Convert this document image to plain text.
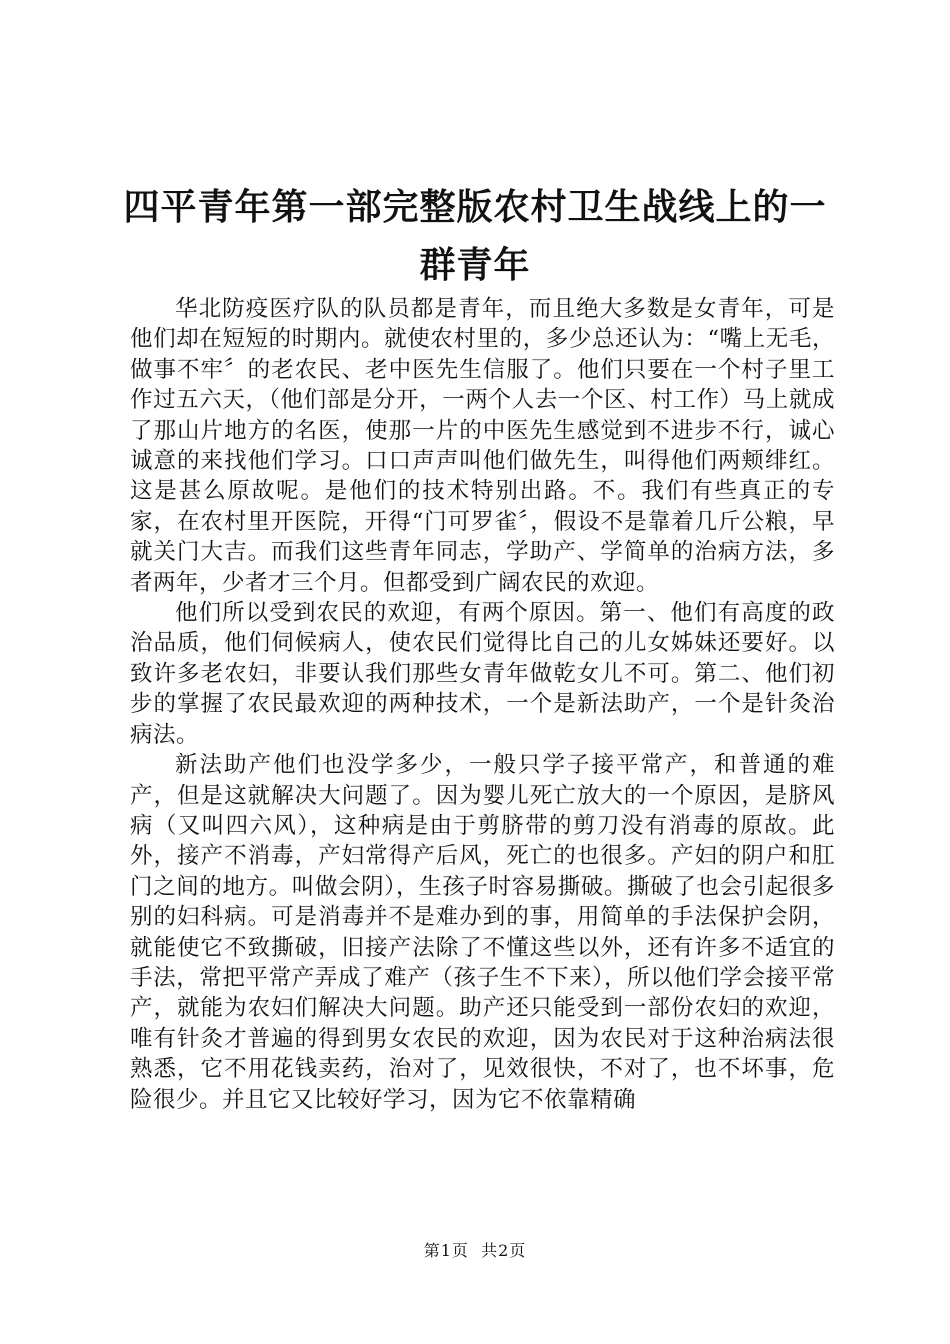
四平青年第一部完整版农村卫生战线上的一群青年

华北防疫医疗队的队员都是青年，而且绝大多数是女青年，可是他们却在短短的时期内。就使农村里的，多少总还认为：“嘴上无毛，做事不牢〞的老农民、老中医先生信服了。他们只要在一个村子里工作过五六天，（他们部是分开，一两个人去一个区、村工作）马上就成了那山片地方的名医，使那一片的中医先生感觉到不进步不行，诚心诚意的来找他们学习。口口声声叫他们做先生，叫得他们两颊绯红。这是甚么原故呢。是他们的技术特别出路。不。我们有些真正的专家，在农村里开医院，开得“门可罗雀〞，假设不是靠着几斤公粮，早就关门大吉。而我们这些青年同志，学助产、学简单的治病方法，多者两年，少者才三个月。但都受到广阔农民的欢迎。

他们所以受到农民的欢迎，有两个原因。第一、他们有高度的政治品质，他们伺候病人，使农民们觉得比自己的儿女姊妹还要好。以致许多老农妇，非要认我们那些女青年做乾女儿不可。第二、他们初步的掌握了农民最欢迎的两种技术，一个是新法助产，一个是针灸治病法。

新法助产他们也没学多少，一般只学子接平常产，和普通的难产，但是这就解决大问题了。因为婴儿死亡放大的一个原因，是脐风病（又叫四六风），这种病是由于剪脐带的剪刀没有消毒的原故。此外，接产不消毒，产妇常得产后风，死亡的也很多。产妇的阴户和肛门之间的地方。叫做会阴），生孩子时容易撕破。撕破了也会引起很多别的妇科病。可是消毒并不是难办到的事，用简单的手法保护会阴，就能使它不致撕破，旧接产法除了不懂这些以外，还有许多不适宜的手法，常把平常产弄成了难产（孩子生不下来），所以他们学会接平常产，就能为农妇们解决大问题。助产还只能受到一部份农妇的欢迎，唯有针灸才普遍的得到男女农民的欢迎，因为农民对于这种治病法很熟悉，它不用花钱卖药，治对了，见效很快，不对了，也不坏事，危险很少。并且它又比较好学习，因为它不依靠精确

第1页  共2页
